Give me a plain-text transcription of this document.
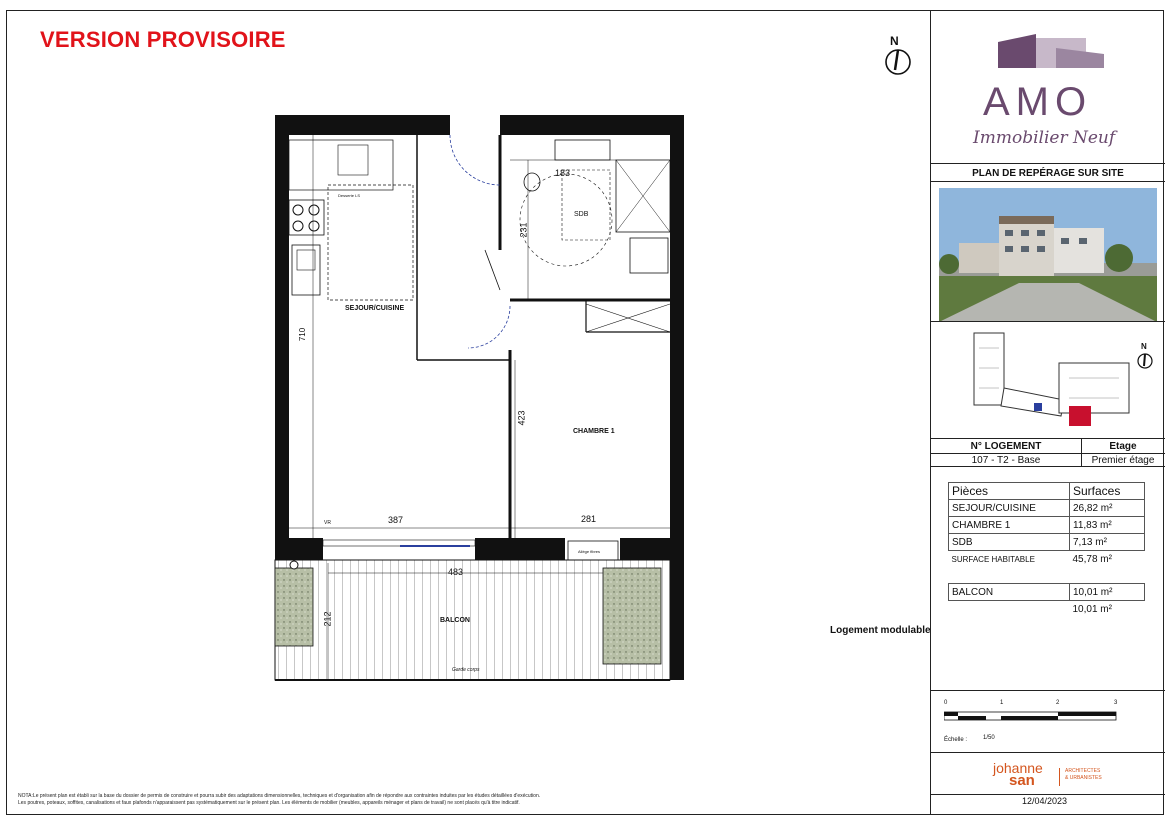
VERSION PROVISOIRE	N
SEJOUR/CUISINE
CHAMBRE 1
SDB
BALCON
710
387	281
423
231
183
483
212
Desserte LS
Allège fibres
VR
Garde corps
Logement modulable
AMO
Immobilier Neuf
PLAN DE REPÉRAGE SUR SITE
N
N° LOGEMENT	Etage
107 - T2 - Base	Premier étage
0	1	2	3
Échelle :	1/50
johanne
san
ARCHITECTES
& URBANISTES
Pièces	Surfaces
SEJOUR/CUISINE	26,82 m²
CHAMBRE 1	11,83 m²
SDB	7,13 m²
SURFACE HABITABLE	45,78 m²

BALCON	10,01 m²
	10,01 m²
NOTA:Le présent plan est établi sur la base du dossier de permis de construire et pourra subir des adaptations dimensionnelles, techniques et d'organisation afin de répondre aux contraintes induites par les études détaillées d'exécution.
Les poutres, poteaux, soffites, canalisations et faux plafonds n'apparaissent pas systématiquement sur le présent plan. Les éléments de mobilier (meubles, appareils ménager et plans de travail) ne sont placés qu'à titre indicatif.	12/04/2023
